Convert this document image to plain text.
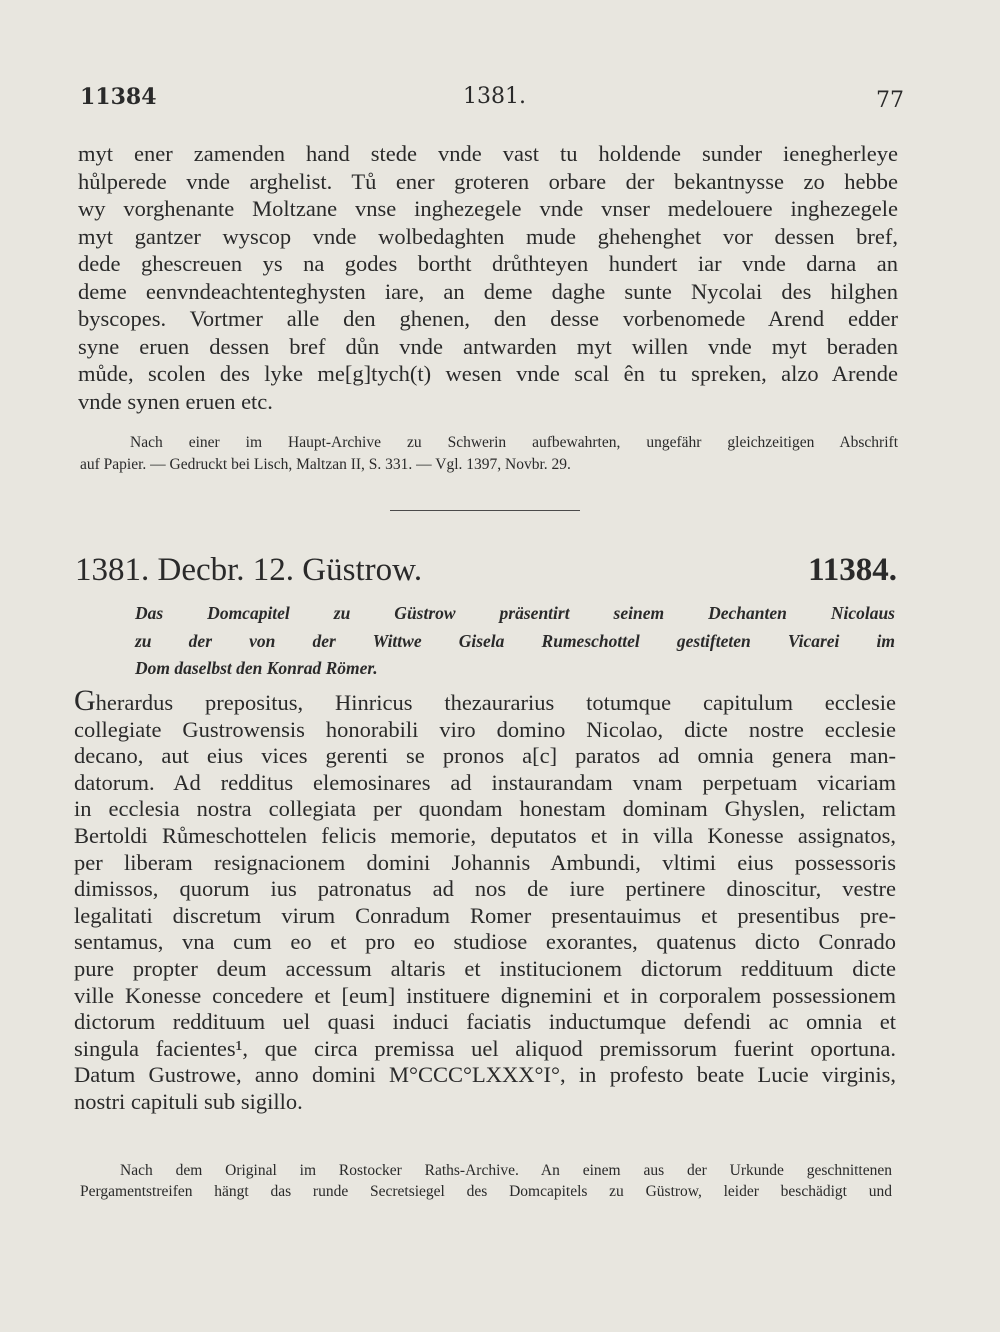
11384	1381.	77
myt ener zamenden hand stede vnde vast tu holdende sunder ienegherleye
hůlperede vnde arghelist. Tů ener groteren orbare der bekantnysse zo hebbe
wy vorghenante Moltzane vnse inghezegele vnde vnser medelouere inghezegele
myt gantzer wyscop vnde wolbedaghten mude ghehenghet vor dessen bref,
dede ghescreuen ys na godes bortht drůthteyen hundert iar vnde darna an
deme eenvndeachtenteghysten iare, an deme daghe sunte Nycolai des hilghen
byscopes. Vortmer alle den ghenen, den desse vorbenomede Arend edder
syne eruen dessen bref důn vnde antwarden myt willen vnde myt beraden
můde, scolen des lyke me[g]tych(t) wesen vnde scal ên tu spreken, alzo Arende
vnde synen eruen etc.
Nach einer im Haupt-Archive zu Schwerin aufbewahrten, ungefähr gleichzeitigen Abschrift
auf Papier. — Gedruckt bei Lisch, Maltzan II, S. 331. — Vgl. 1397, Novbr. 29.
1381. Decbr. 12. Güstrow.	11384.
Das Domcapitel zu Güstrow präsentirt seinem Dechanten Nicolaus
zu der von der Wittwe Gisela Rumeschottel gestifteten Vicarei im
Dom daselbst den Konrad Römer.
Gherardus prepositus, Hinricus thezaurarius totumque capitulum ecclesie
collegiate Gustrowensis honorabili viro domino Nicolao, dicte nostre ecclesie
decano, aut eius vices gerenti se pronos a[c] paratos ad omnia genera man-
datorum. Ad redditus elemosinares ad instaurandam vnam perpetuam vicariam
in ecclesia nostra collegiata per quondam honestam dominam Ghyslen, relictam
Bertoldi Růmeschottelen felicis memorie, deputatos et in villa Konesse assignatos,
per liberam resignacionem domini Johannis Ambundi, vltimi eius possessoris
dimissos, quorum ius patronatus ad nos de iure pertinere dinoscitur, vestre
legalitati discretum virum Conradum Romer presentauimus et presentibus pre-
sentamus, vna cum eo et pro eo studiose exorantes, quatenus dicto Conrado
pure propter deum accessum altaris et institucionem dictorum reddituum dicte
ville Konesse concedere et [eum] instituere dignemini et in corporalem possessionem
dictorum reddituum uel quasi induci faciatis inductumque defendi ac omnia et
singula facientes¹, que circa premissa uel aliquod premissorum fuerint oportuna.
Datum Gustrowe, anno domini M°CCC°LXXX°I°, in profesto beate Lucie virginis,
nostri capituli sub sigillo.
Nach dem Original im Rostocker Raths-Archive. An einem aus der Urkunde geschnittenen
Pergamentstreifen hängt das runde Secretsiegel des Domcapitels zu Güstrow, leider beschädigt und
